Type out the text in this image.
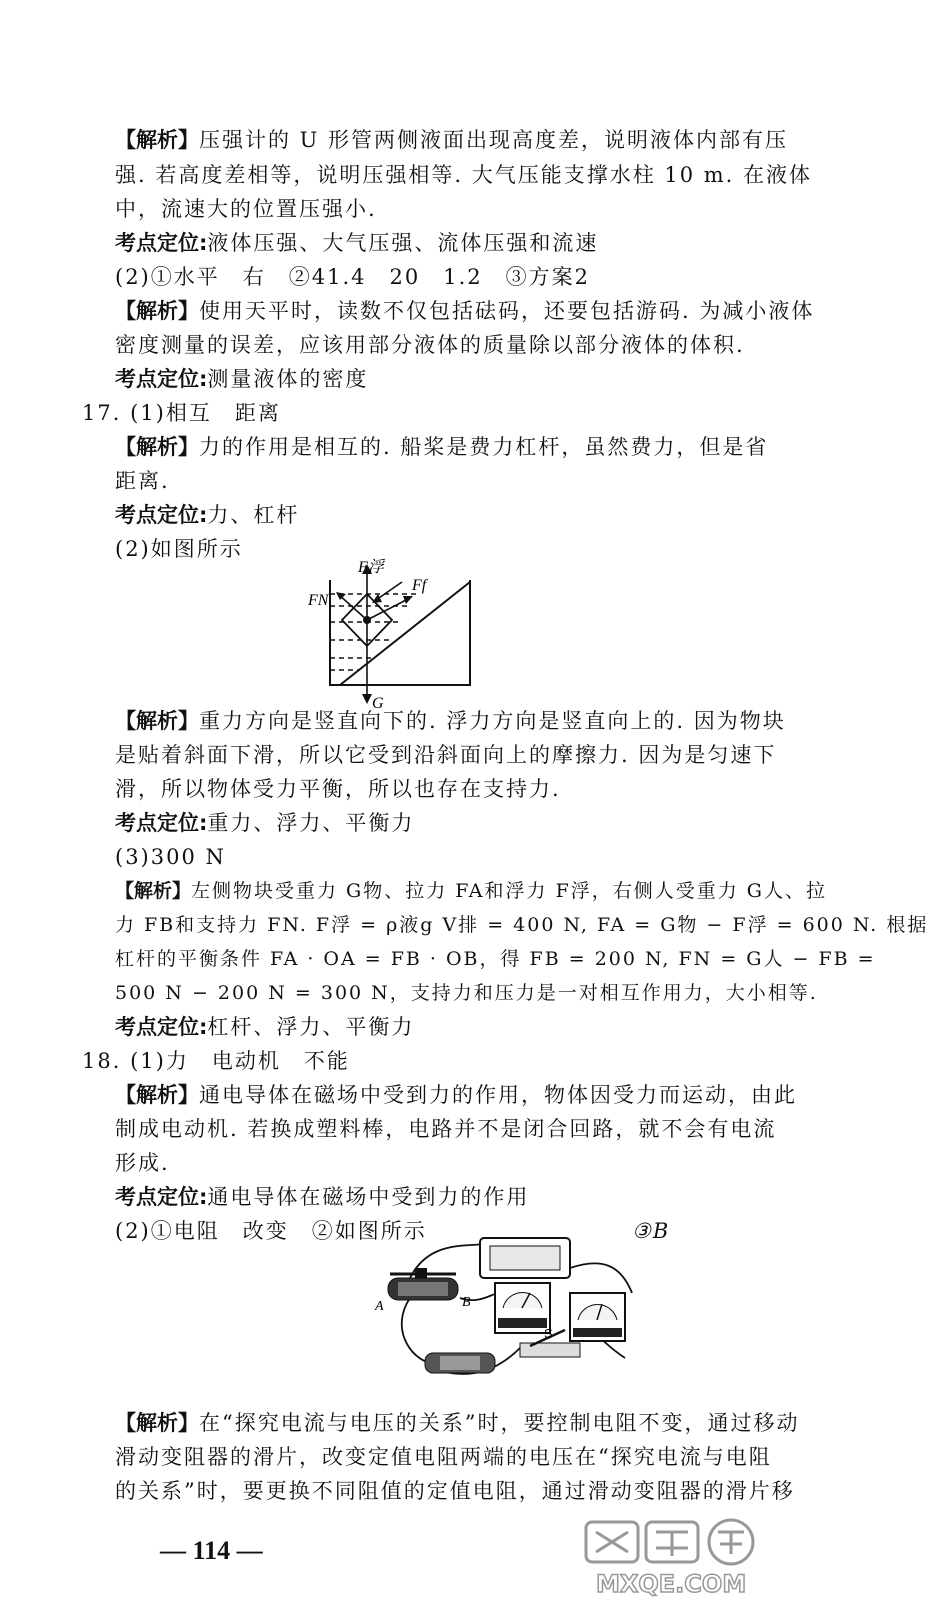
【解析】压强计的 U 形管两侧液面出现高度差，说明液体内部有压
强. 若高度差相等，说明压强相等. 大气压能支撑水柱 10 m. 在液体
中，流速大的位置压强小.
考点定位:液体压强、大气压强、流体压强和流速
(2)①水平　右　②41.4　20　1.2　③方案2
【解析】使用天平时，读数不仅包括砝码，还要包括游码. 为减小液体
密度测量的误差，应该用部分液体的质量除以部分液体的体积.
考点定位:测量液体的密度
17. (1)相互　距离
【解析】力的作用是相互的. 船桨是费力杠杆，虽然费力，但是省
距离.
考点定位:力、杠杆
(2)如图所示
F浮
FN
Ff
G
【解析】重力方向是竖直向下的. 浮力方向是竖直向上的. 因为物块
是贴着斜面下滑，所以它受到沿斜面向上的摩擦力. 因为是匀速下
滑，所以物体受力平衡，所以也存在支持力.
考点定位:重力、浮力、平衡力
(3)300 N
【解析】左侧物块受重力 G物、拉力 FA和浮力 F浮，右侧人受重力 G人、拉
力 FB和支持力 FN. F浮 = ρ液g V排 = 400 N, FA = G物 − F浮 = 600 N. 根据
杠杆的平衡条件 FA · OA = FB · OB，得 FB = 200 N, FN = G人 − FB =
500 N − 200 N = 300 N，支持力和压力是一对相互作用力，大小相等.
考点定位:杠杆、浮力、平衡力
18. (1)力　电动机　不能
【解析】通电导体在磁场中受到力的作用，物体因受力而运动，由此
制成电动机. 若换成塑料棒，电路并不是闭合回路，就不会有电流
形成.
考点定位:通电导体在磁场中受到力的作用
(2)①电阻　改变　②如图所示	③B
S
A	B
【解析】在“探究电流与电压的关系”时，要控制电阻不变，通过移动
滑动变阻器的滑片，改变定值电阻两端的电压在“探究电流与电阻
的关系”时，要更换不同阻值的定值电阻，通过滑动变阻器的滑片移
— 114 —
MXQE.COM
